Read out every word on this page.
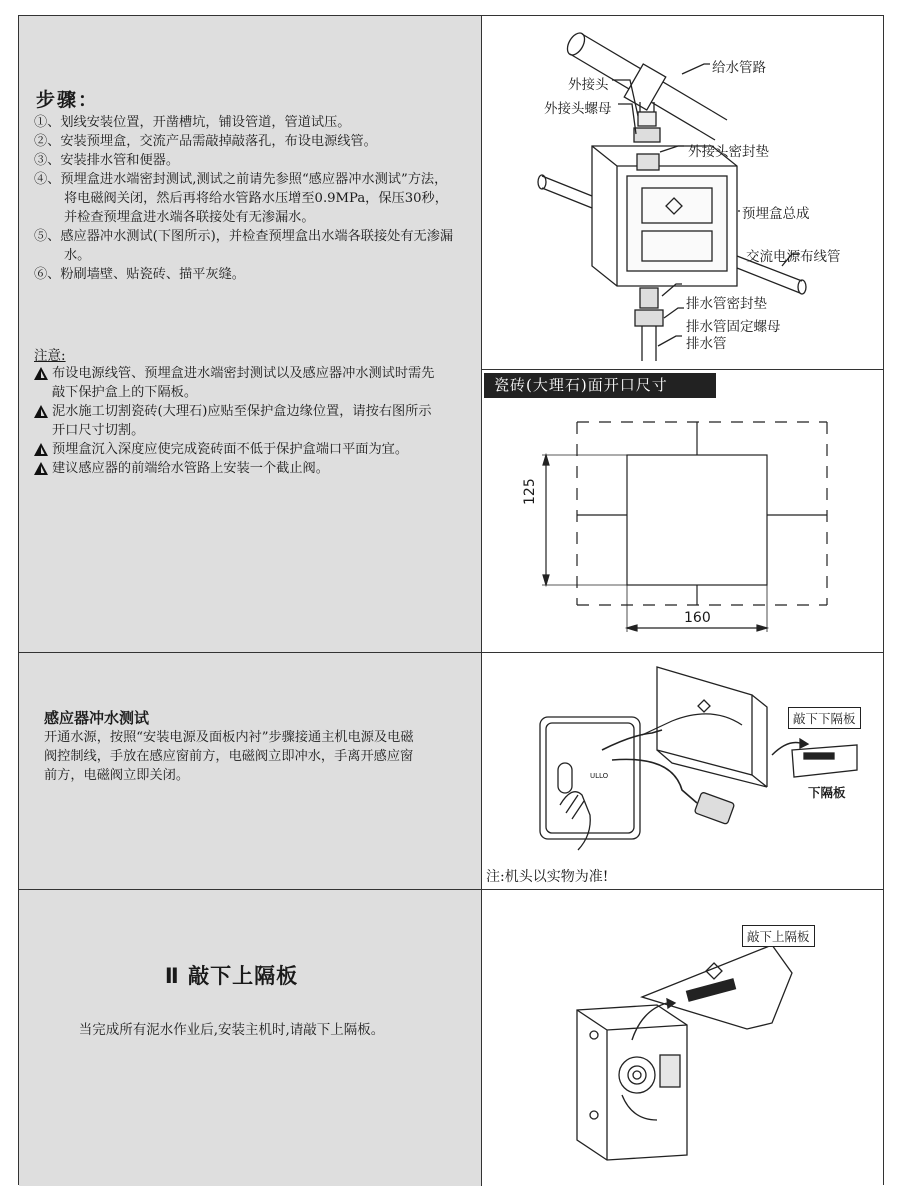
步骤：
①、划线安装位置，开凿槽坑，铺设管道，管道试压。
②、安装预埋盒，交流产品需敲掉敲落孔，布设电源线管。
③、安装排水管和便器。
④、预埋盒进水端密封测试,测试之前请先参照“感应器冲水测试”方法，将电磁阀关闭，然后再将给水管路水压增至0.9MPa，保压30秒，并检查预埋盒进水端各联接处有无渗漏水。
⑤、感应器冲水测试(下图所示)，并检查预埋盒出水端各联接处有无渗漏水。
⑥、粉刷墙壁、贴瓷砖、描平灰缝。
注意:
布设电源线管、预埋盒进水端密封测试以及感应器冲水测试时需先敲下保护盒上的下隔板。
泥水施工切割瓷砖(大理石)应贴至保护盒边缘位置，请按右图所示开口尺寸切割。
预埋盒沉入深度应使完成瓷砖面不低于保护盒端口平面为宜。
建议感应器的前端给水管路上安装一个截止阀。
给水管路
外接头
外接头螺母
外接头密封垫
预埋盒总成
交流电源布线管
排水管密封垫
排水管固定螺母
排水管
瓷砖(大理石)面开口尺寸
125
160
感应器冲水测试
开通水源，按照“安装电源及面板内衬”步骤接通主机电源及电磁阀控制线，手放在感应窗前方，电磁阀立即冲水，手离开感应窗前方，电磁阀立即关闭。	ULLO
敲下下隔板
下隔板
注:机头以实物为准!
Ⅱ 敲下上隔板
当完成所有泥水作业后,安装主机时,请敲下上隔板。
敲下上隔板
